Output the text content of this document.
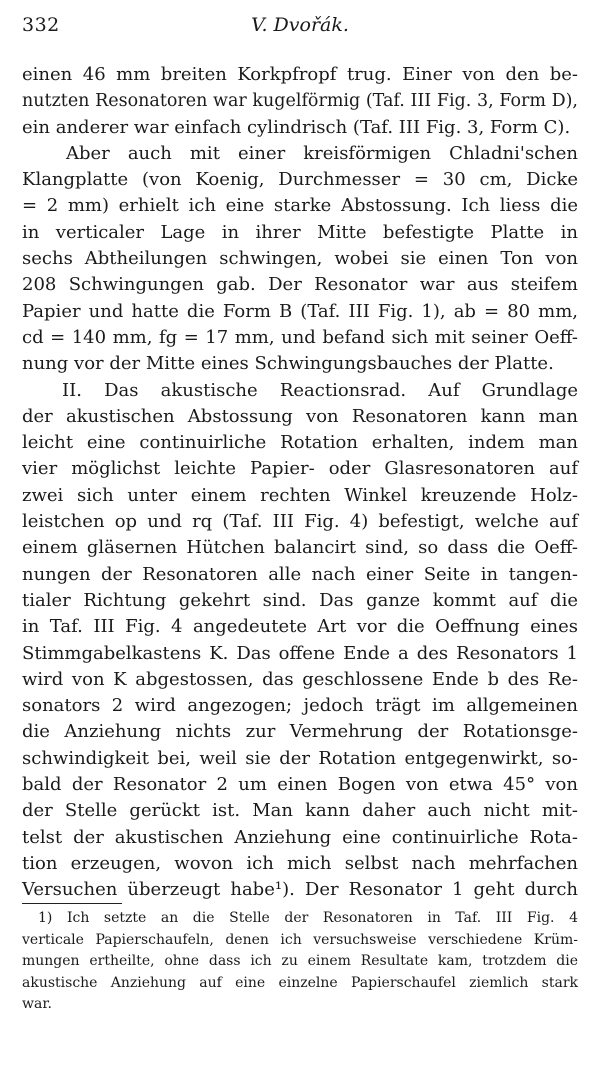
332	V. Dvořák.
einen 46 mm breiten Korkpfropf trug. Einer von den be-
nutzten Resonatoren war kugelförmig (Taf. III Fig. 3, Form D),
ein anderer war einfach cylindrisch (Taf. III Fig. 3, Form C).
Aber auch mit einer kreisförmigen Chladni'schen
Klangplatte (von Koenig, Durchmesser = 30 cm, Dicke
= 2 mm) erhielt ich eine starke Abstossung. Ich liess die
in verticaler Lage in ihrer Mitte befestigte Platte in
sechs Abtheilungen schwingen, wobei sie einen Ton von
208 Schwingungen gab. Der Resonator war aus steifem
Papier und hatte die Form B (Taf. III Fig. 1), ab = 80 mm,
cd = 140 mm, fg = 17 mm, und befand sich mit seiner Oeff-
nung vor der Mitte eines Schwingungsbauches der Platte.
II. Das akustische Reactionsrad. Auf Grundlage
der akustischen Abstossung von Resonatoren kann man
leicht eine continuirliche Rotation erhalten, indem man
vier möglichst leichte Papier- oder Glasresonatoren auf
zwei sich unter einem rechten Winkel kreuzende Holz-
leistchen op und rq (Taf. III Fig. 4) befestigt, welche auf
einem gläsernen Hütchen balancirt sind, so dass die Oeff-
nungen der Resonatoren alle nach einer Seite in tangen-
tialer Richtung gekehrt sind. Das ganze kommt auf die
in Taf. III Fig. 4 angedeutete Art vor die Oeffnung eines
Stimmgabelkastens K. Das offene Ende a des Resonators 1
wird von K abgestossen, das geschlossene Ende b des Re-
sonators 2 wird angezogen; jedoch trägt im allgemeinen
die Anziehung nichts zur Vermehrung der Rotationsge-
schwindigkeit bei, weil sie der Rotation entgegenwirkt, so-
bald der Resonator 2 um einen Bogen von etwa 45° von
der Stelle gerückt ist. Man kann daher auch nicht mit-
telst der akustischen Anziehung eine continuirliche Rota-
tion erzeugen, wovon ich mich selbst nach mehrfachen
Versuchen überzeugt habe¹). Der Resonator 1 geht durch
1) Ich setzte an die Stelle der Resonatoren in Taf. III Fig. 4
verticale Papierschaufeln, denen ich versuchsweise verschiedene Krüm-
mungen ertheilte, ohne dass ich zu einem Resultate kam, trotzdem die
akustische Anziehung auf eine einzelne Papierschaufel ziemlich stark
war.
